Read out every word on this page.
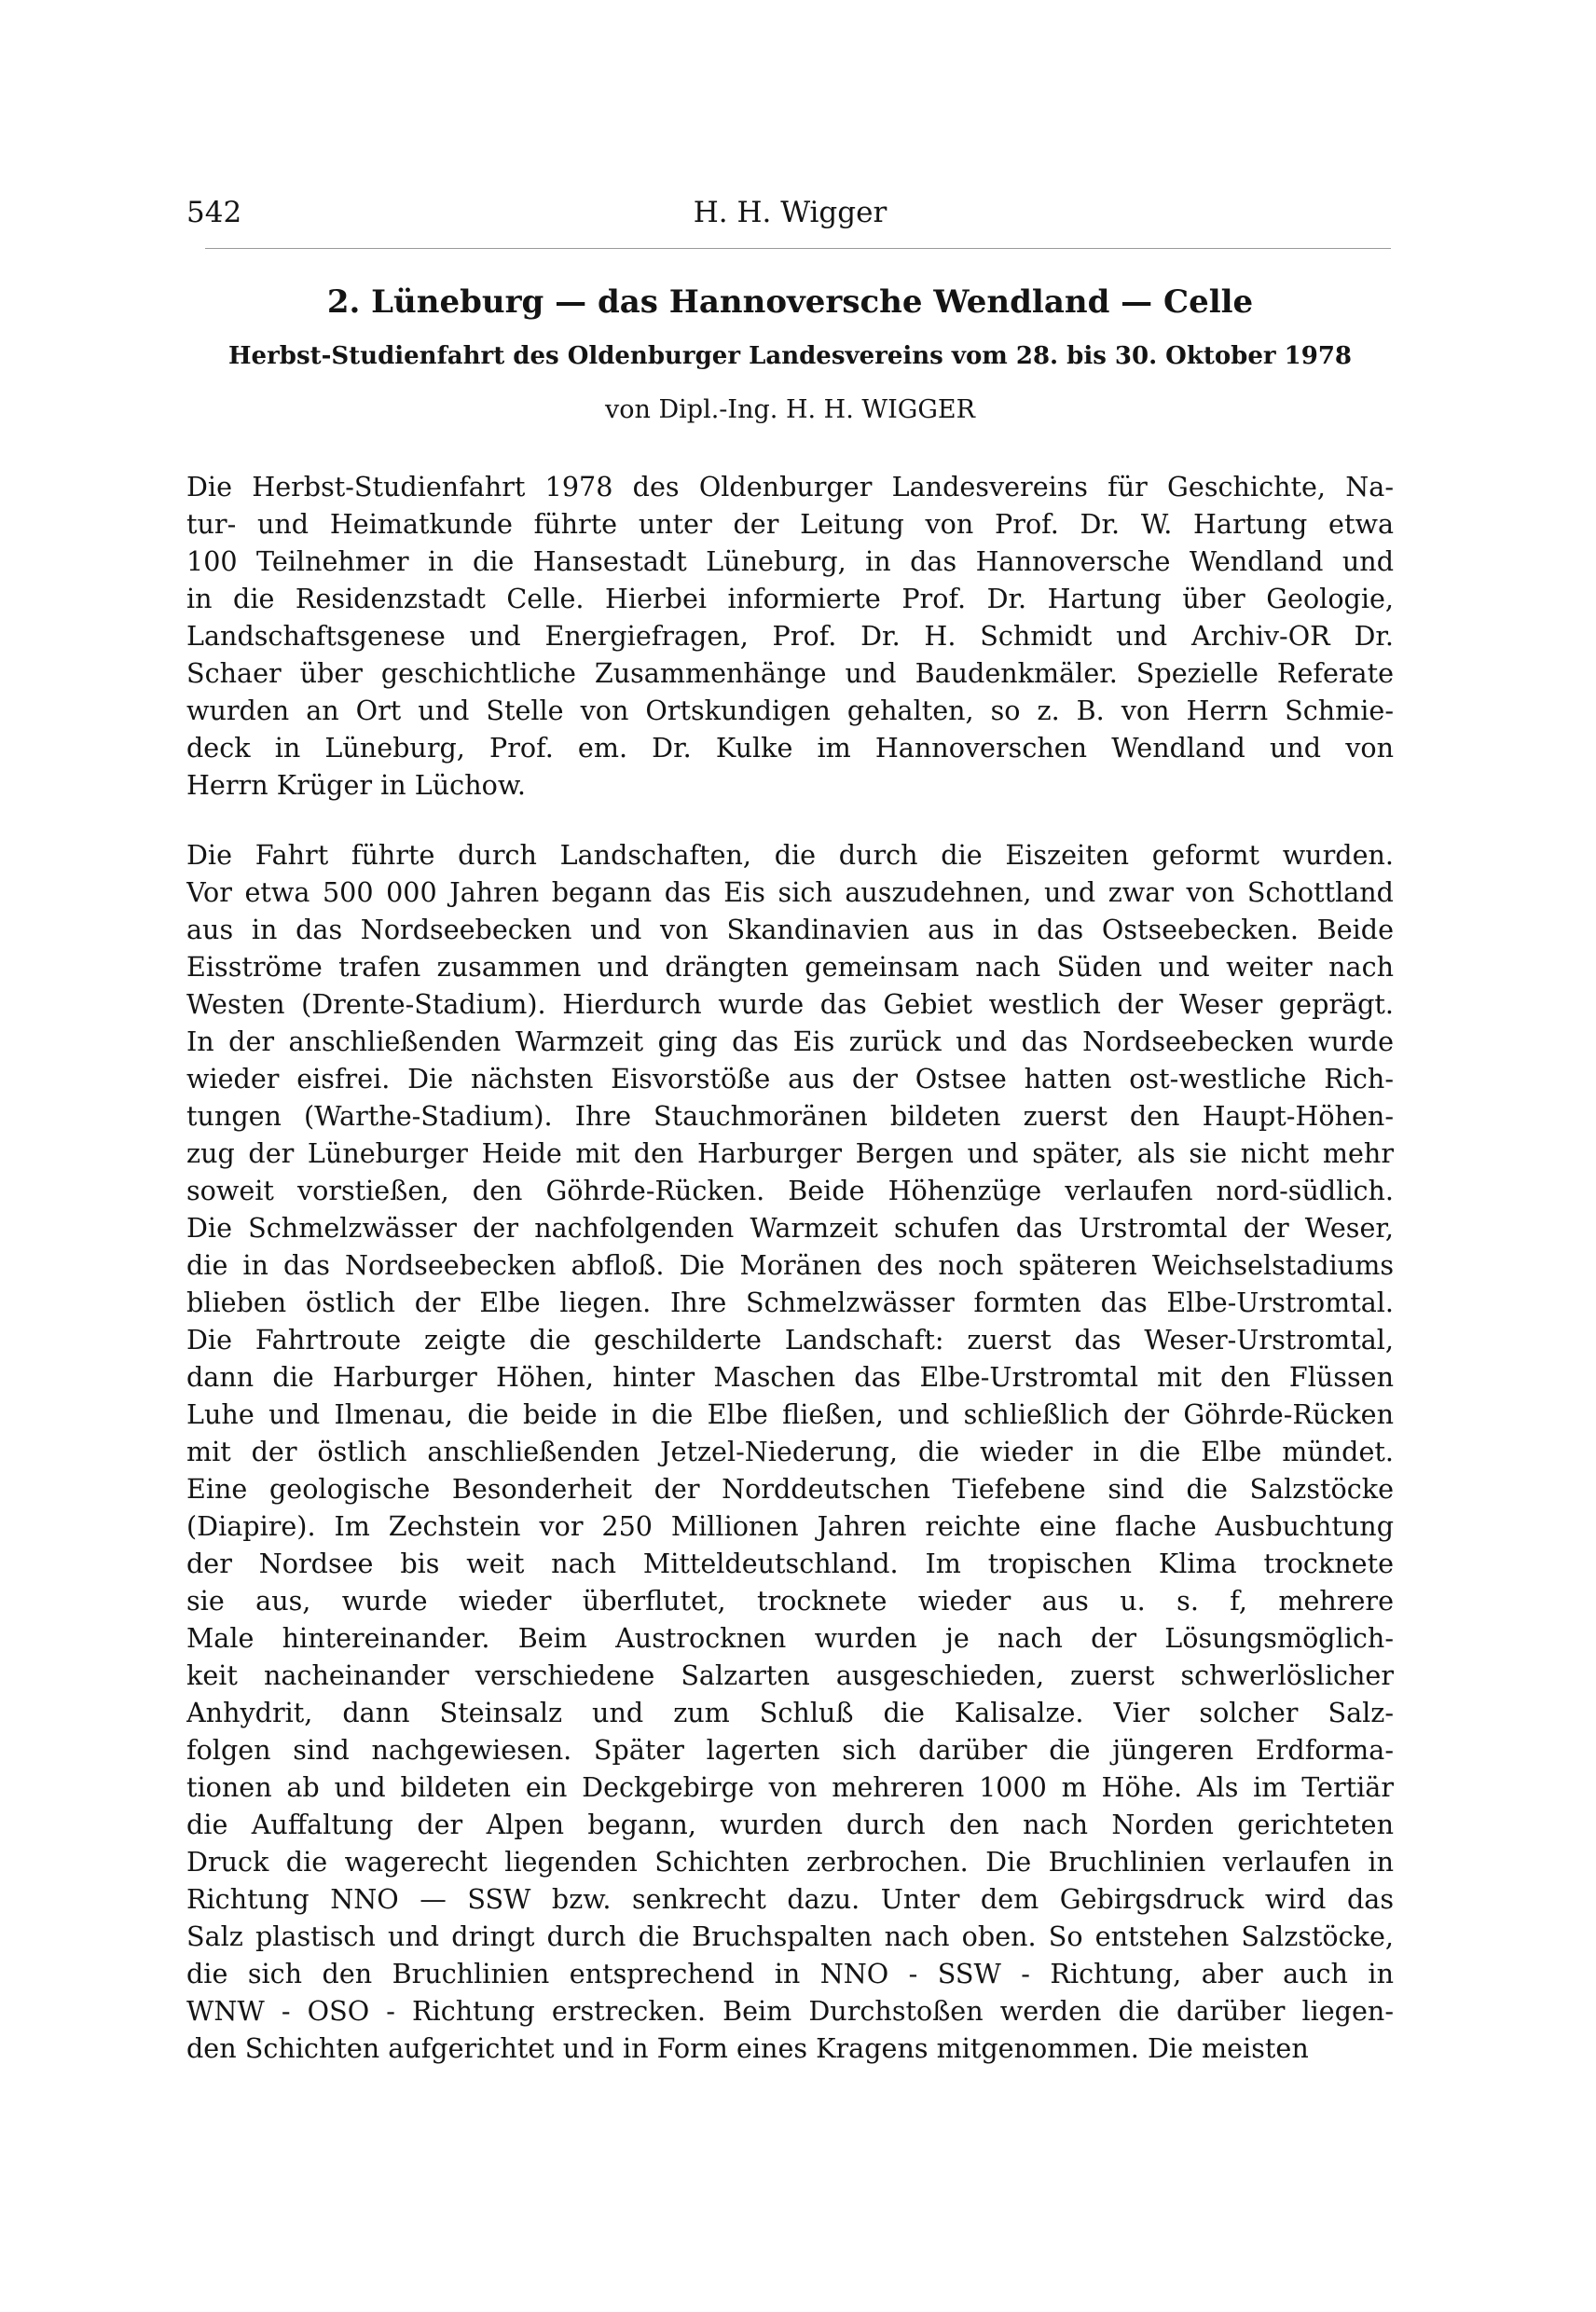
542	H. H. Wigger
2. Lüneburg — das Hannoversche Wendland — Celle
Herbst-Studienfahrt des Oldenburger Landesvereins vom 28. bis 30. Oktober 1978

von Dipl.-Ing. H. H. WIGGER

Die Herbst-Studienfahrt 1978 des Oldenburger Landesvereins für Geschichte, Na-
tur- und Heimatkunde führte unter der Leitung von Prof. Dr. W. Hartung etwa
100 Teilnehmer in die Hansestadt Lüneburg, in das Hannoversche Wendland und
in die Residenzstadt Celle. Hierbei informierte Prof. Dr. Hartung über Geologie,
Landschaftsgenese und Energiefragen, Prof. Dr. H. Schmidt und Archiv-OR Dr.
Schaer über geschichtliche Zusammenhänge und Baudenkmäler. Spezielle Referate
wurden an Ort und Stelle von Ortskundigen gehalten, so z. B. von Herrn Schmie-
deck in Lüneburg, Prof. em. Dr. Kulke im Hannoverschen Wendland und von
Herrn Krüger in Lüchow.
Die Fahrt führte durch Landschaften, die durch die Eiszeiten geformt wurden.
Vor etwa 500 000 Jahren begann das Eis sich auszudehnen, und zwar von Schottland
aus in das Nordseebecken und von Skandinavien aus in das Ostseebecken. Beide
Eisströme trafen zusammen und drängten gemeinsam nach Süden und weiter nach
Westen (Drente-Stadium). Hierdurch wurde das Gebiet westlich der Weser geprägt.
In der anschließenden Warmzeit ging das Eis zurück und das Nordseebecken wurde
wieder eisfrei. Die nächsten Eisvorstöße aus der Ostsee hatten ost-westliche Rich-
tungen (Warthe-Stadium). Ihre Stauchmoränen bildeten zuerst den Haupt-Höhen-
zug der Lüneburger Heide mit den Harburger Bergen und später, als sie nicht mehr
soweit vorstießen, den Göhrde-Rücken. Beide Höhenzüge verlaufen nord-südlich.
Die Schmelzwässer der nachfolgenden Warmzeit schufen das Urstromtal der Weser,
die in das Nordseebecken abfloß. Die Moränen des noch späteren Weichselstadiums
blieben östlich der Elbe liegen. Ihre Schmelzwässer formten das Elbe-Urstromtal.
Die Fahrtroute zeigte die geschilderte Landschaft: zuerst das Weser-Urstromtal,
dann die Harburger Höhen, hinter Maschen das Elbe-Urstromtal mit den Flüssen
Luhe und Ilmenau, die beide in die Elbe fließen, und schließlich der Göhrde-Rücken
mit der östlich anschließenden Jetzel-Niederung, die wieder in die Elbe mündet.
Eine geologische Besonderheit der Norddeutschen Tiefebene sind die Salzstöcke
(Diapire). Im Zechstein vor 250 Millionen Jahren reichte eine flache Ausbuchtung
der Nordsee bis weit nach Mitteldeutschland. Im tropischen Klima trocknete
sie aus, wurde wieder überflutet, trocknete wieder aus u. s. f, mehrere
Male hintereinander. Beim Austrocknen wurden je nach der Lösungsmöglich-
keit nacheinander verschiedene Salzarten ausgeschieden, zuerst schwerlöslicher
Anhydrit, dann Steinsalz und zum Schluß die Kalisalze. Vier solcher Salz-
folgen sind nachgewiesen. Später lagerten sich darüber die jüngeren Erdforma-
tionen ab und bildeten ein Deckgebirge von mehreren 1000 m Höhe. Als im Tertiär
die Auffaltung der Alpen begann, wurden durch den nach Norden gerichteten
Druck die wagerecht liegenden Schichten zerbrochen. Die Bruchlinien verlaufen in
Richtung NNO — SSW bzw. senkrecht dazu. Unter dem Gebirgsdruck wird das
Salz plastisch und dringt durch die Bruchspalten nach oben. So entstehen Salzstöcke,
die sich den Bruchlinien entsprechend in NNO - SSW - Richtung, aber auch in
WNW - OSO - Richtung erstrecken. Beim Durchstoßen werden die darüber liegen-
den Schichten aufgerichtet und in Form eines Kragens mitgenommen. Die meisten
